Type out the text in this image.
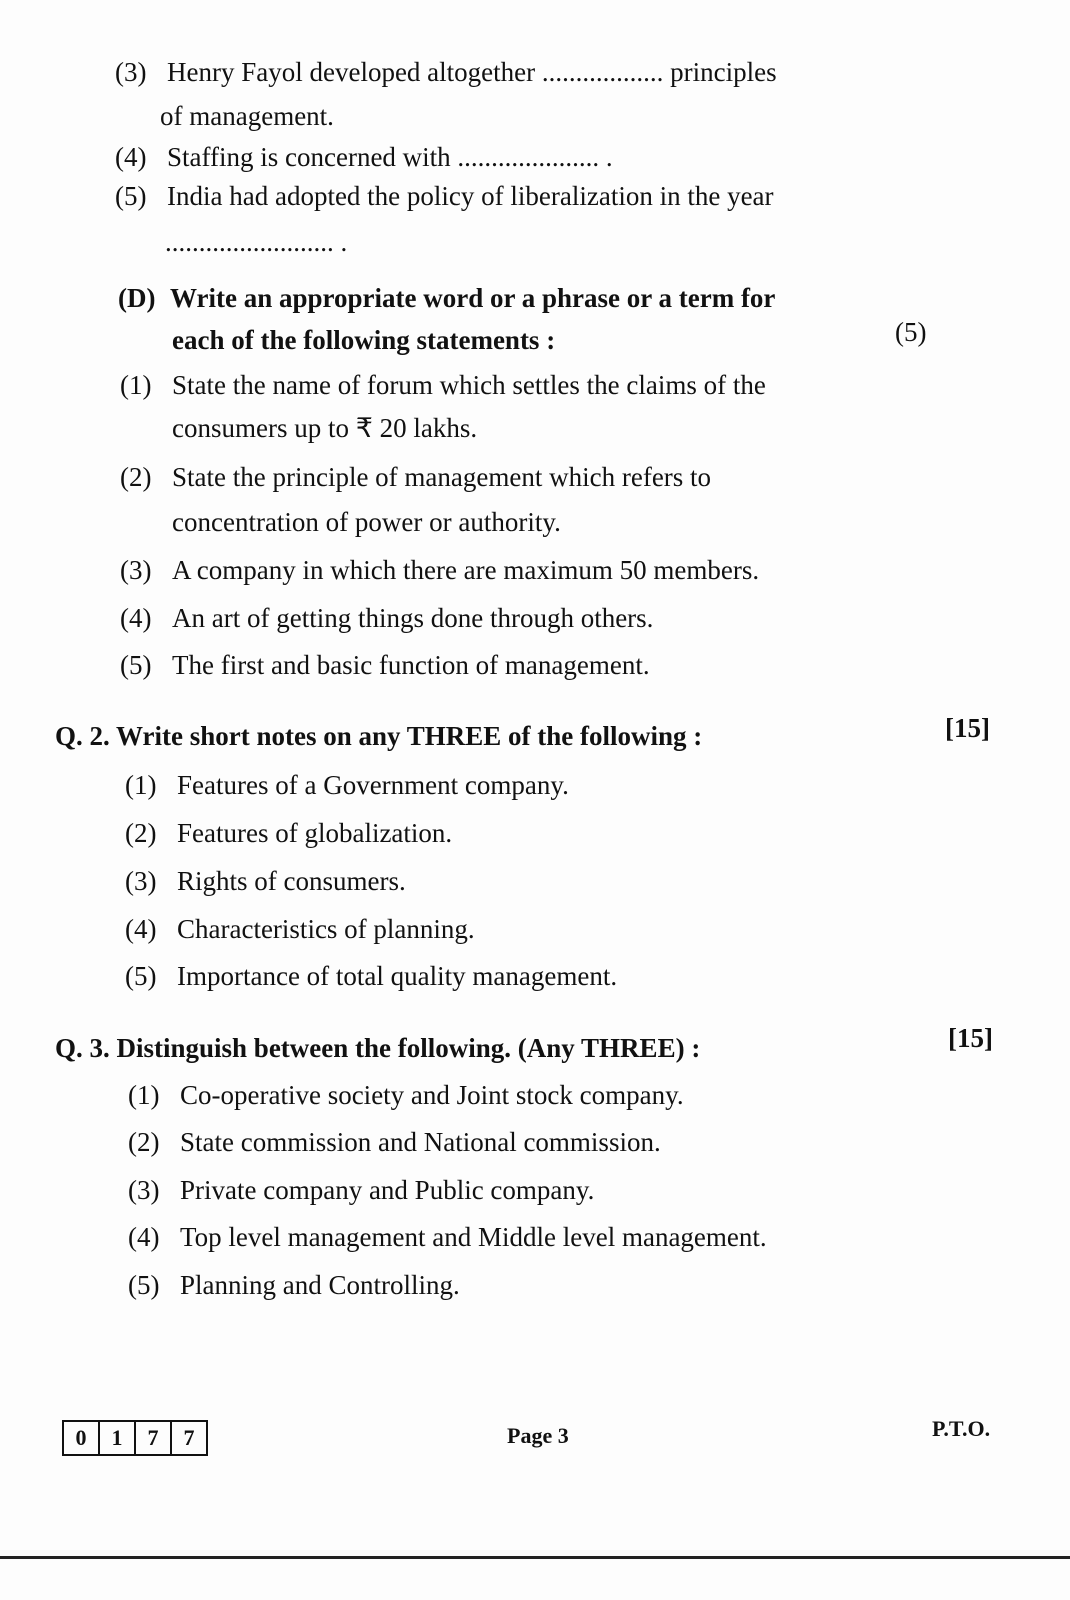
(3) Henry Fayol developed altogether .................. principles
of management.
(4) Staffing is concerned with ..................... .
(5) India had adopted the policy of liberalization in the year
......................... .
(D) Write an appropriate word or a phrase or a term for
each of the following statements :	(5)
Q. 2. Write short notes on any THREE of the following :	[15]
Q. 3. Distinguish between the following. (Any THREE) :	[15]
0	1	7	7	Page 3	P.T.O.
(1) State the name of forum which settles the claims of the
consumers up to ₹ 20 lakhs.
(2) State the principle of management which refers to
concentration of power or authority.
(3) A company in which there are maximum 50 members.
(4) An art of getting things done through others.
(5) The first and basic function of management.
(1) Features of a Government company.
(2) Features of globalization.
(3) Rights of consumers.
(4) Characteristics of planning.
(5) Importance of total quality management.
(1) Co-operative society and Joint stock company.
(2) State commission and National commission.
(3) Private company and Public company.
(4) Top level management and Middle level management.
(5) Planning and Controlling.
